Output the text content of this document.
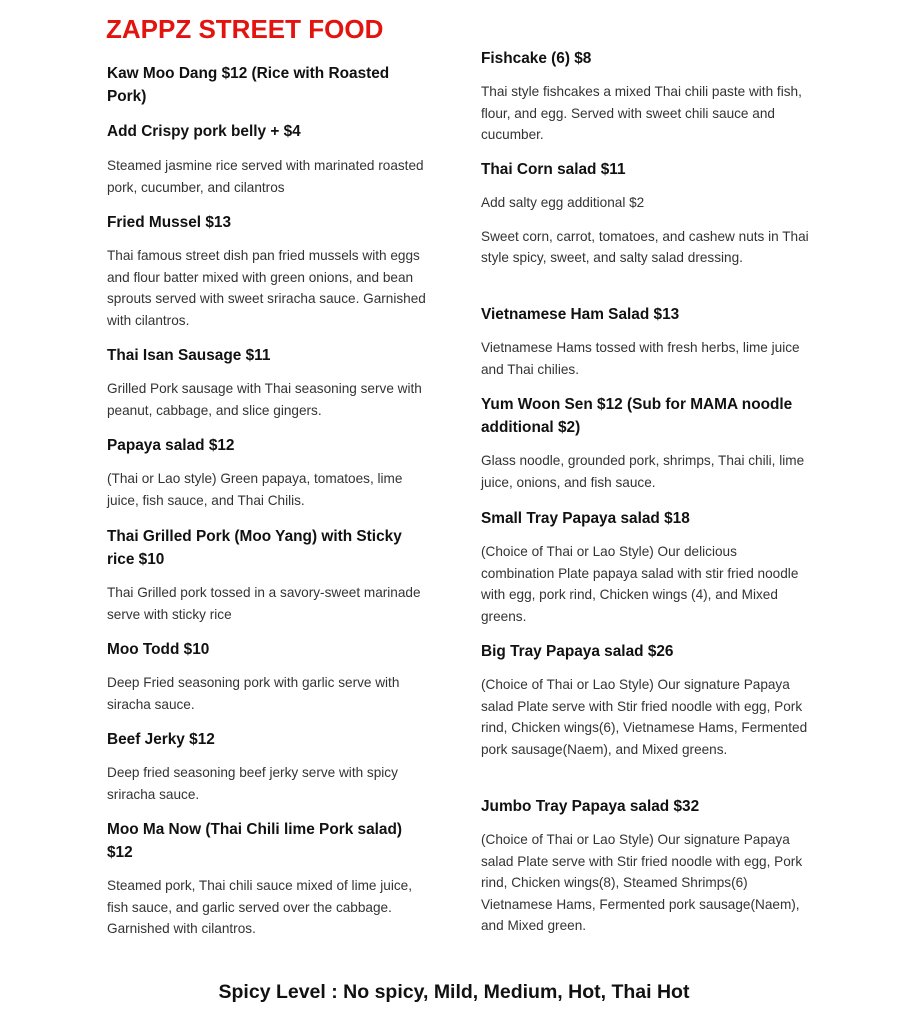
ZAPPZ STREET FOOD

Kaw Moo Dang $12 (Rice with Roasted Pork)

Add Crispy pork belly + $4

Steamed jasmine rice served with marinated roasted pork, cucumber, and cilantros

Fried Mussel $13

Thai famous street dish pan fried mussels with eggs and flour batter mixed with green onions, and bean sprouts served with sweet sriracha sauce. Garnished with cilantros.

Thai Isan Sausage $11

Grilled Pork sausage with Thai seasoning serve with peanut, cabbage, and slice gingers.

Papaya salad $12

(Thai or Lao style) Green papaya, tomatoes, lime juice, fish sauce, and Thai Chilis.

Thai Grilled Pork (Moo Yang) with Sticky rice $10

Thai Grilled pork tossed in a savory-sweet marinade serve with sticky rice

Moo Todd $10

Deep Fried seasoning pork with garlic serve with siracha sauce.

Beef Jerky $12

Deep fried seasoning beef jerky serve with spicy sriracha sauce.

Moo Ma Now (Thai Chili lime Pork salad) $12

Steamed pork, Thai chili sauce mixed of lime juice, fish sauce, and garlic served over the cabbage. Garnished with cilantros.

Fishcake (6) $8

Thai style fishcakes a mixed Thai chili paste with fish, flour, and egg. Served with sweet chili sauce and cucumber.

Thai Corn salad $11

Add salty egg additional $2

Sweet corn, carrot, tomatoes, and cashew nuts in Thai style spicy, sweet, and salty salad dressing.

Vietnamese Ham Salad $13

Vietnamese Hams tossed with fresh herbs, lime juice and Thai chilies.

Yum Woon Sen $12 (Sub for MAMA noodle additional $2)

Glass noodle, grounded pork, shrimps, Thai chili, lime juice, onions, and fish sauce.

Small Tray Papaya salad $18

(Choice of Thai or Lao Style) Our delicious combination Plate papaya salad with stir fried noodle with egg, pork rind, Chicken wings (4), and Mixed greens.

Big Tray Papaya salad $26

(Choice of Thai or Lao Style) Our signature Papaya salad Plate serve with Stir fried noodle with egg, Pork rind, Chicken wings(6), Vietnamese Hams, Fermented pork sausage(Naem), and Mixed greens.

Jumbo Tray Papaya salad $32

(Choice of Thai or Lao Style) Our signature Papaya salad Plate serve with Stir fried noodle with egg, Pork rind, Chicken wings(8), Steamed Shrimps(6) Vietnamese Hams, Fermented pork sausage(Naem), and Mixed green.

Spicy Level : No spicy, Mild, Medium, Hot, Thai Hot
